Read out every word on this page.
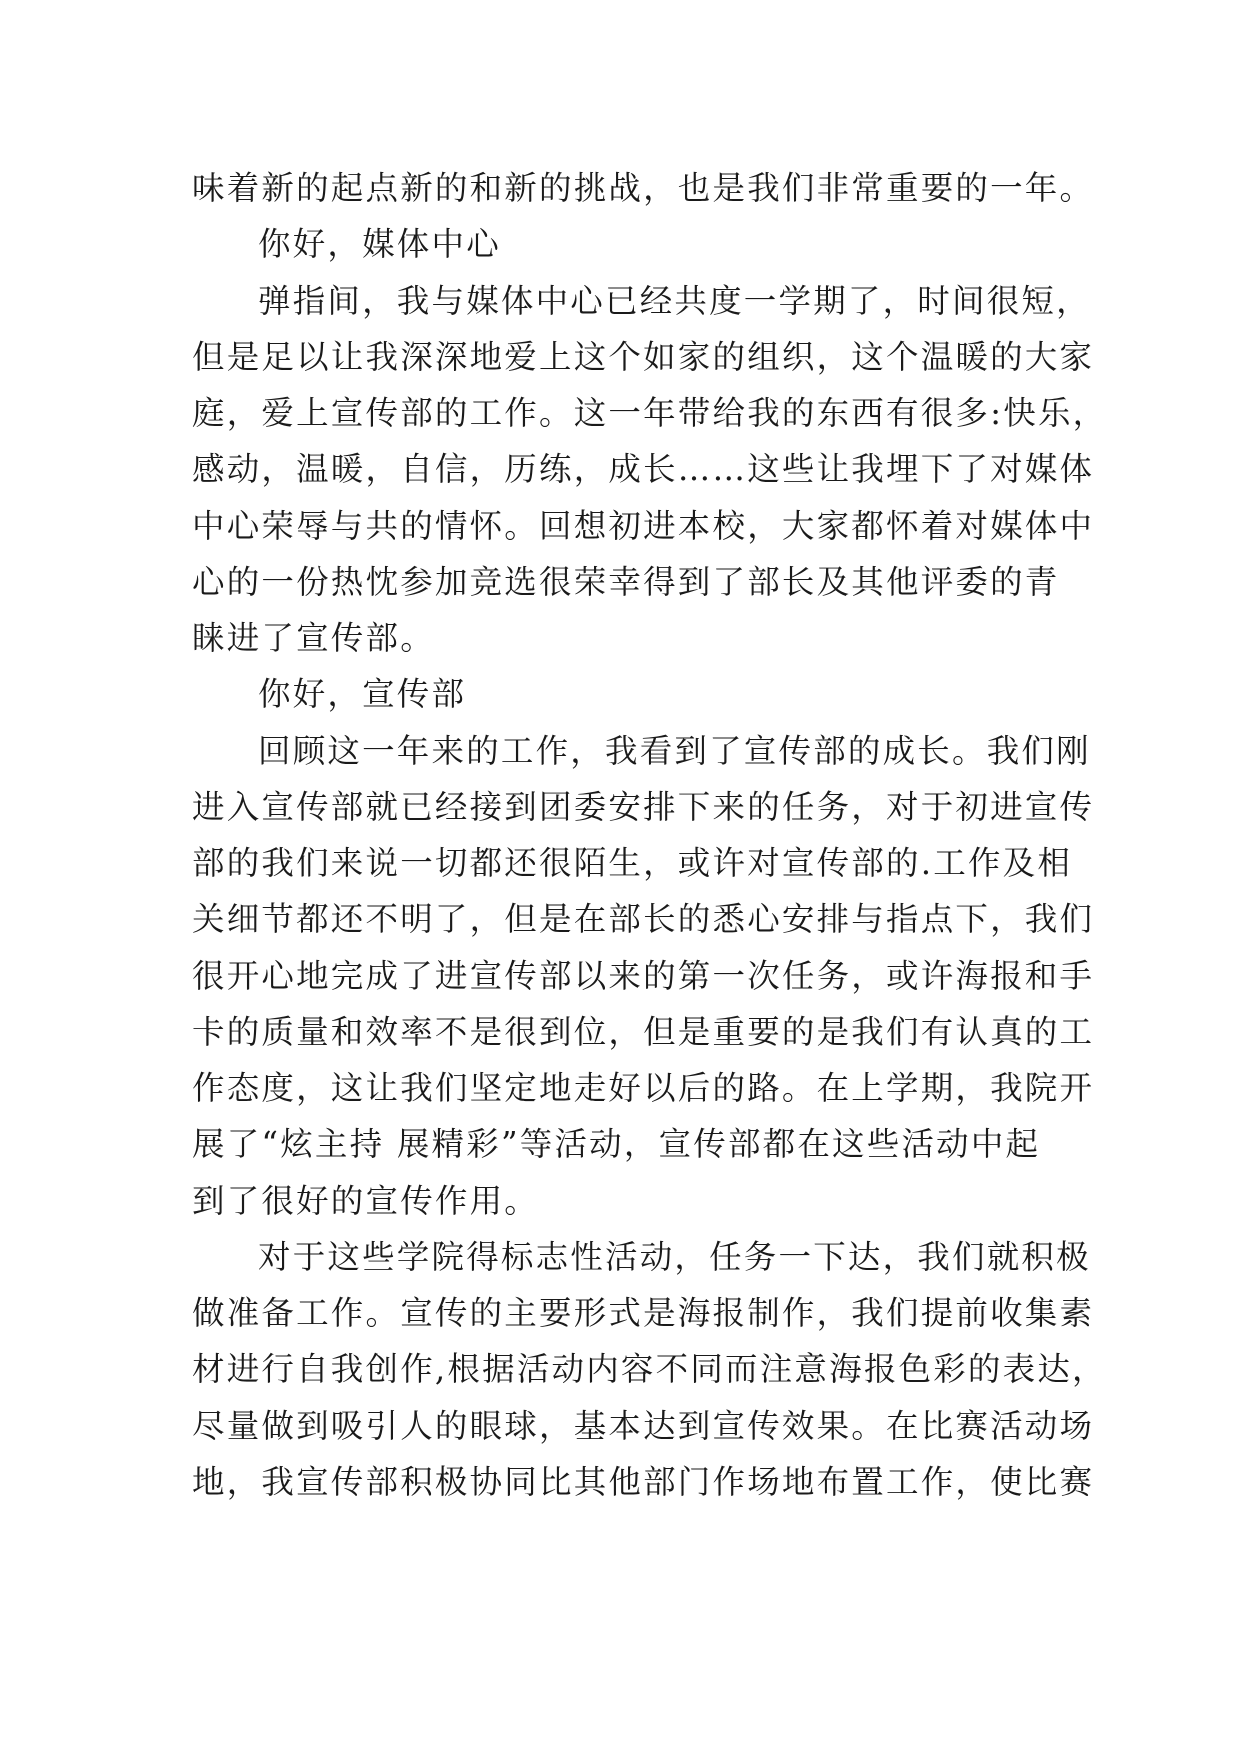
味着新的起点新的和新的挑战，也是我们非常重要的一年。
你好，媒体中心
弹指间，我与媒体中心已经共度一学期了，时间很短，
但是足以让我深深地爱上这个如家的组织，这个温暖的大家
庭，爱上宣传部的工作。这一年带给我的东西有很多:快乐，
感动，温暖，自信，历练，成长……这些让我埋下了对媒体
中心荣辱与共的情怀。回想初进本校，大家都怀着对媒体中
心的一份热忱参加竞选很荣幸得到了部长及其他评委的青
睐进了宣传部。
你好，宣传部
回顾这一年来的工作，我看到了宣传部的成长。我们刚
进入宣传部就已经接到团委安排下来的任务，对于初进宣传
部的我们来说一切都还很陌生，或许对宣传部的.工作及相
关细节都还不明了，但是在部长的悉心安排与指点下，我们
很开心地完成了进宣传部以来的第一次任务，或许海报和手
卡的质量和效率不是很到位，但是重要的是我们有认真的工
作态度，这让我们坚定地走好以后的路。在上学期，我院开
展了“炫主持 展精彩”等活动，宣传部都在这些活动中起
到了很好的宣传作用。
对于这些学院得标志性活动，任务一下达，我们就积极
做准备工作。宣传的主要形式是海报制作，我们提前收集素
材进行自我创作,根据活动内容不同而注意海报色彩的表达，
尽量做到吸引人的眼球，基本达到宣传效果。在比赛活动场
地，我宣传部积极协同比其他部门作场地布置工作，使比赛
